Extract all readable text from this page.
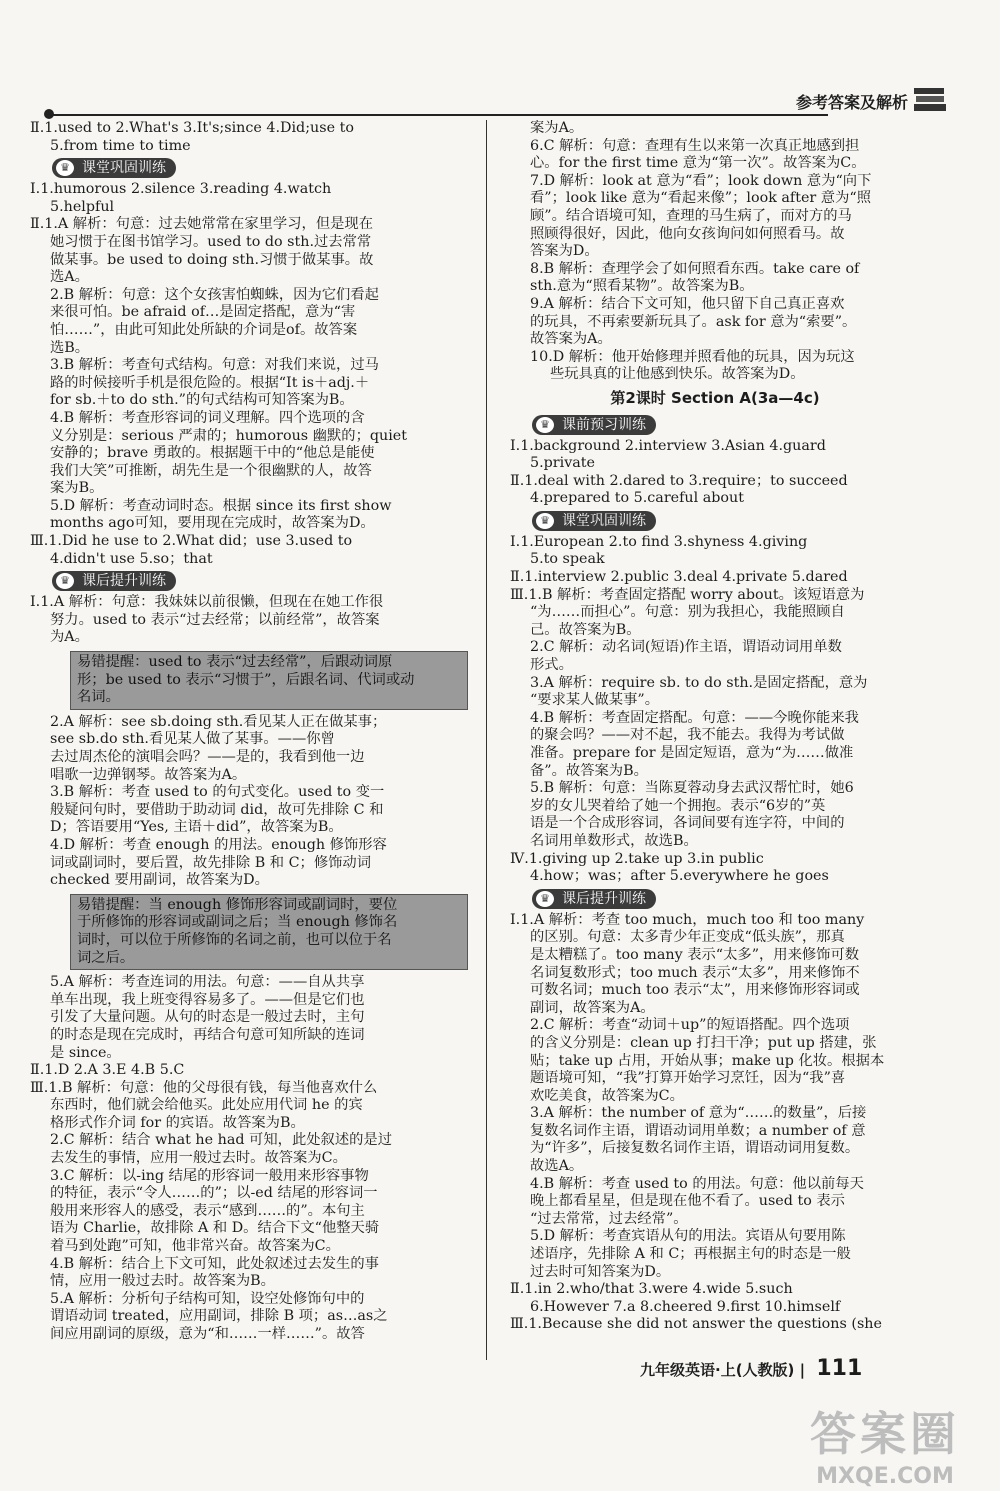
参考答案及解析
Ⅱ.1.used to 2.What's 3.It's;since 4.Did;use to
5.from time to time
♛ 课堂巩固训练
Ⅰ.1.humorous 2.silence 3.reading 4.watch
5.helpful
Ⅱ.1.A 解析：句意：过去她常常在家里学习，但是现在
她习惯于在图书馆学习。used to do sth.过去常常
做某事。be used to doing sth.习惯于做某事。故
选A。
2.B 解析：句意：这个女孩害怕蜘蛛，因为它们看起
来很可怕。be afraid of…是固定搭配，意为“害
怕……”，由此可知此处所缺的介词是of。故答案
选B。
3.B 解析：考查句式结构。句意：对我们来说，过马
路的时候接听手机是很危险的。根据“It is＋adj.＋
for sb.＋to do sth.”的句式结构可知答案为B。
4.B 解析：考查形容词的词义理解。四个选项的含
义分别是：serious 严肃的；humorous 幽默的；quiet
安静的；brave 勇敢的。根据题干中的“他总是能使
我们大笑”可推断，胡先生是一个很幽默的人，故答
案为B。
5.D 解析：考查动词时态。根据 since its first show
months ago可知，要用现在完成时，故答案为D。
Ⅲ.1.Did he use to 2.What did；use 3.used to
4.didn't use 5.so；that
♛ 课后提升训练
Ⅰ.1.A 解析：句意：我妹妹以前很懒，但现在在她工作很
努力。used to 表示“过去经常；以前经常”，故答案
为A。
易错提醒：used to 表示“过去经常”，后跟动词原
形；be used to 表示“习惯于”，后跟名词、代词或动
名词。
2.A 解析：see sb.doing sth.看见某人正在做某事；
see sb.do sth.看见某人做了某事。——你曾
去过周杰伦的演唱会吗？——是的，我看到他一边
唱歌一边弹钢琴。故答案为A。
3.B 解析：考查 used to 的句式变化。used to 变一
般疑问句时，要借助于助动词 did，故可先排除 C 和
D；答语要用“Yes, 主语＋did”，故答案为B。
4.D 解析：考查 enough 的用法。enough 修饰形容
词或副词时，要后置，故先排除 B 和 C；修饰动词
checked 要用副词，故答案为D。
易错提醒：当 enough 修饰形容词或副词时，要位
于所修饰的形容词或副词之后；当 enough 修饰名
词时，可以位于所修饰的名词之前，也可以位于名
词之后。
5.A 解析：考查连词的用法。句意：——自从共享
单车出现，我上班变得容易多了。——但是它们也
引发了大量问题。从句的时态是一般过去时，主句
的时态是现在完成时，再结合句意可知所缺的连词
是 since。
Ⅱ.1.D 2.A 3.E 4.B 5.C
Ⅲ.1.B 解析：句意：他的父母很有钱，每当他喜欢什么
东西时，他们就会给他买。此处应用代词 he 的宾
格形式作介词 for 的宾语。故答案为B。
2.C 解析：结合 what he had 可知，此处叙述的是过
去发生的事情，应用一般过去时。故答案为C。
3.C 解析：以-ing 结尾的形容词一般用来形容事物
的特征，表示“令人……的”；以-ed 结尾的形容词一
般用来形容人的感受，表示“感到……的”。本句主
语为 Charlie，故排除 A 和 D。结合下文“他整天骑
着马到处跑”可知，他非常兴奋。故答案为C。
4.B 解析：结合上下文可知，此处叙述过去发生的事
情，应用一般过去时。故答案为B。
5.A 解析：分析句子结构可知，设空处修饰句中的
谓语动词 treated，应用副词，排除 B 项；as…as之
间应用副词的原级，意为“和……一样……”。故答
案为A。
6.C 解析：句意：查理有生以来第一次真正地感到担
心。for the first time 意为“第一次”。故答案为C。
7.D 解析：look at 意为“看”；look down 意为“向下
看”；look like 意为“看起来像”；look after 意为“照
顾”。结合语境可知，查理的马生病了，而对方的马
照顾得很好，因此，他向女孩询问如何照看马。故
答案为D。
8.B 解析：查理学会了如何照看东西。take care of
sth.意为“照看某物”。故答案为B。
9.A 解析：结合下文可知，他只留下自己真正喜欢
的玩具，不再索要新玩具了。ask for 意为“索要”。
故答案为A。
10.D 解析：他开始修理并照看他的玩具，因为玩这
些玩具真的让他感到快乐。故答案为D。
第2课时 Section A(3a—4c)
♛ 课前预习训练
Ⅰ.1.background 2.interview 3.Asian 4.guard
5.private
Ⅱ.1.deal with 2.dared to 3.require；to succeed
4.prepared to 5.careful about
♛ 课堂巩固训练
Ⅰ.1.European 2.to find 3.shyness 4.giving
5.to speak
Ⅱ.1.interview 2.public 3.deal 4.private 5.dared
Ⅲ.1.B 解析：考查固定搭配 worry about。该短语意为
“为……而担心”。句意：别为我担心，我能照顾自
己。故答案为B。
2.C 解析：动名词(短语)作主语，谓语动词用单数
形式。
3.A 解析：require sb. to do sth.是固定搭配，意为
“要求某人做某事”。
4.B 解析：考查固定搭配。句意：——今晚你能来我
的聚会吗？——对不起，我不能去。我得为考试做
准备。prepare for 是固定短语，意为“为……做准
备”。故答案为B。
5.B 解析：句意：当陈夏蓉动身去武汉帮忙时，她6
岁的女儿哭着给了她一个拥抱。表示“6岁的”英
语是一个合成形容词，各词间要有连字符，中间的
名词用单数形式，故选B。
Ⅳ.1.giving up 2.take up 3.in public
4.how；was；after 5.everywhere he goes
♛ 课后提升训练
Ⅰ.1.A 解析：考查 too much，much too 和 too many
的区别。句意：太多青少年正变成“低头族”，那真
是太糟糕了。too many 表示“太多”，用来修饰可数
名词复数形式；too much 表示“太多”，用来修饰不
可数名词；much too 表示“太”，用来修饰形容词或
副词，故答案为A。
2.C 解析：考查“动词＋up”的短语搭配。四个选项
的含义分别是：clean up 打扫干净；put up 搭建，张
贴；take up 占用，开始从事；make up 化妆。根据本
题语境可知，“我”打算开始学习烹饪，因为“我”喜
欢吃美食，故答案为C。
3.A 解析：the number of 意为“……的数量”，后接
复数名词作主语，谓语动词用单数；a number of 意
为“许多”，后接复数名词作主语，谓语动词用复数。
故选A。
4.B 解析：考查 used to 的用法。句意：他以前每天
晚上都看星星，但是现在他不看了。used to 表示
“过去常常，过去经常”。
5.D 解析：考查宾语从句的用法。宾语从句要用陈
述语序，先排除 A 和 C；再根据主句的时态是一般
过去时可知答案为D。
Ⅱ.1.in 2.who/that 3.were 4.wide 5.such
6.However 7.a 8.cheered 9.first 10.himself
Ⅲ.1.Because she did not answer the questions (she
九年级英语·上(人教版) | 111
答案圈
MXQE.COM
